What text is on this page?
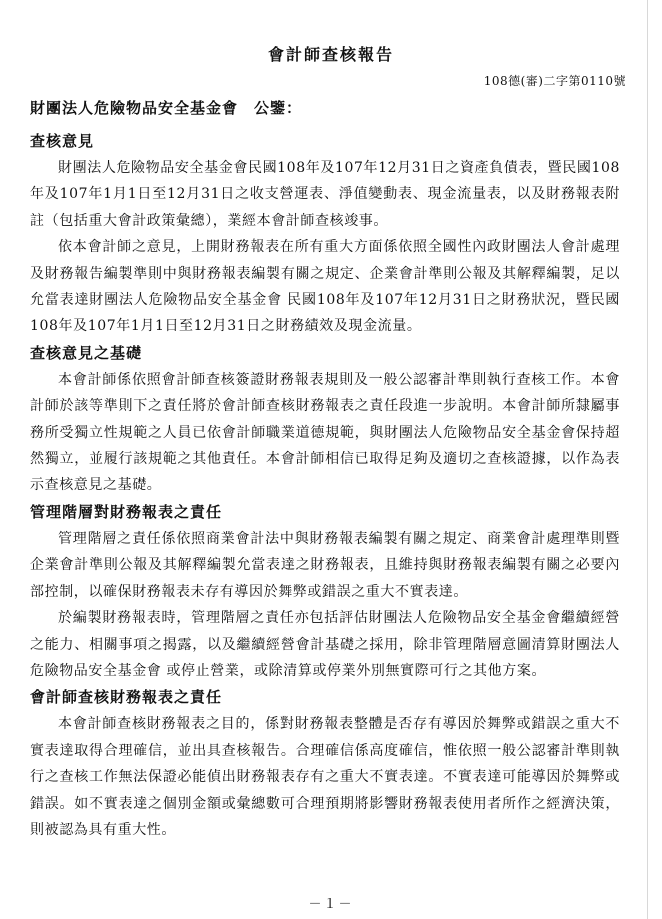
會計師查核報告
108德(審)二字第0110號
財團法人危險物品安全基金會　公鑒：
查核意見

財團法人危險物品安全基金會民國108年及107年12月31日之資產負債表，暨民國108年及107年1月1日至12月31日之收支營運表、淨值變動表、現金流量表，以及財務報表附註（包括重大會計政策彙總），業經本會計師查核竣事。

依本會計師之意見，上開財務報表在所有重大方面係依照全國性內政財團法人會計處理及財務報告編製準則中與財務報表編製有關之規定、企業會計準則公報及其解釋編製，足以允當表達財團法人危險物品安全基金會 民國108年及107年12月31日之財務狀況，暨民國108年及107年1月1日至12月31日之財務績效及現金流量。

查核意見之基礎

本會計師係依照會計師查核簽證財務報表規則及一般公認審計準則執行查核工作。本會計師於該等準則下之責任將於會計師查核財務報表之責任段進一步說明。本會計師所隸屬事務所受獨立性規範之人員已依會計師職業道德規範，與財團法人危險物品安全基金會保持超然獨立，並履行該規範之其他責任。本會計師相信已取得足夠及適切之查核證據，以作為表示查核意見之基礎。

管理階層對財務報表之責任

管理階層之責任係依照商業會計法中與財務報表編製有關之規定、商業會計處理準則暨企業會計準則公報及其解釋編製允當表達之財務報表，且維持與財務報表編製有關之必要內部控制，以確保財務報表未存有導因於舞弊或錯誤之重大不實表達。

於編製財務報表時，管理階層之責任亦包括評估財團法人危險物品安全基金會繼續經營之能力、相關事項之揭露，以及繼續經營會計基礎之採用，除非管理階層意圖清算財團法人危險物品安全基金會 或停止營業，或除清算或停業外別無實際可行之其他方案。

會計師查核財務報表之責任

本會計師查核財務報表之目的，係對財務報表整體是否存有導因於舞弊或錯誤之重大不實表達取得合理確信，並出具查核報告。合理確信係高度確信，惟依照一般公認審計準則執行之查核工作無法保證必能偵出財務報表存有之重大不實表達。不實表達可能導因於舞弊或錯誤。如不實表達之個別金額或彙總數可合理預期將影響財務報表使用者所作之經濟決策，則被認為具有重大性。

－１－
